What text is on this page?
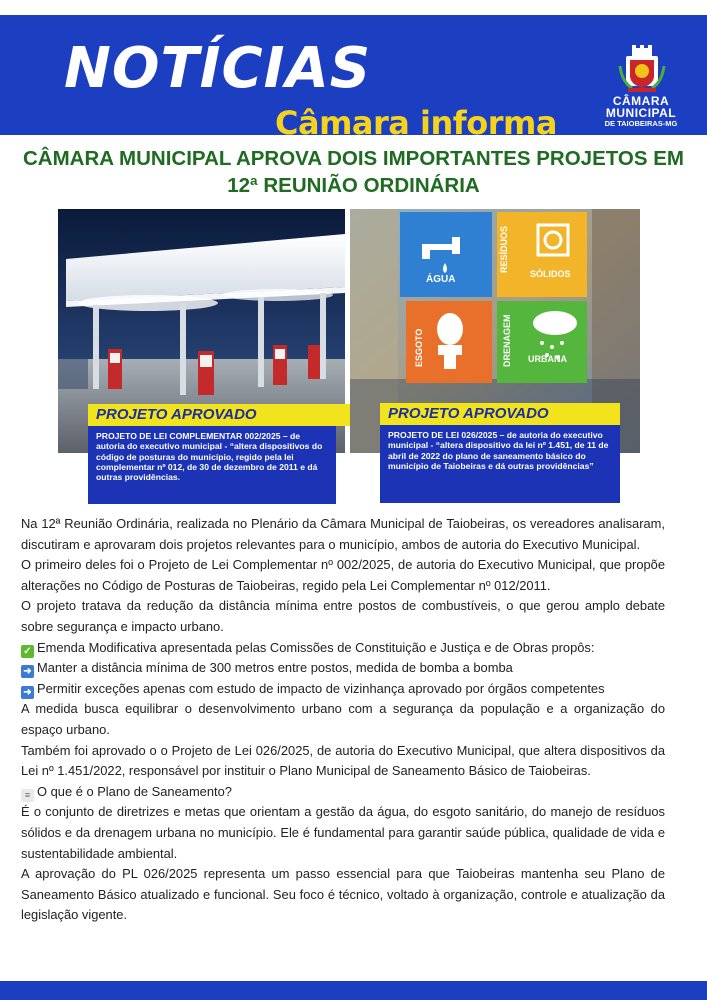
NOTÍCIAS
Câmara informa
CÂMARA
MUNICIPAL
DE TAIOBEIRAS-MG
CÂMARA MUNICIPAL APROVA DOIS IMPORTANTES PROJETOS EM 12ª REUNIÃO ORDINÁRIA
ÁGUA
RESÍDUOS
SÓLIDOS
ESGOTO	DRENAGEM URBANA
PROJETO APROVADO
PROJETO DE LEI COMPLEMENTAR 002/2025 – de autoria do executivo municipal - “altera dispositivos do código de posturas do município, regido pela lei complementar nº 012, de 30 de dezembro de 2011 e dá outras providências.
PROJETO APROVADO
PROJETO DE LEI 026/2025 – de autoria do executivo municipal - “altera dispositivo da lei nº 1.451, de 11 de abril de 2022 do plano de saneamento básico do município de Taiobeiras e dá outras providências”

Na 12ª Reunião Ordinária, realizada no Plenário da Câmara Municipal de Taiobeiras, os vereadores analisaram, discutiram e aprovaram dois projetos relevantes para o município, ambos de autoria do Executivo Municipal.

O primeiro deles foi o Projeto de Lei Complementar nº 002/2025, de autoria do Executivo Municipal, que propõe alterações no Código de Posturas de Taiobeiras, regido pela Lei Complementar nº 012/2011.

O projeto tratava da redução da distância mínima entre postos de combustíveis, o que gerou amplo debate sobre segurança e impacto urbano.

✓ Emenda Modificativa apresentada pelas Comissões de Constituição e Justiça e de Obras propôs:

➜ Manter a distância mínima de 300 metros entre postos, medida de bomba a bomba

➜ Permitir exceções apenas com estudo de impacto de vizinhança aprovado por órgãos competentes

A medida busca equilibrar o desenvolvimento urbano com a segurança da população e a organização do espaço urbano.

Também foi aprovado o o Projeto de Lei 026/2025, de autoria do Executivo Municipal, que altera dispositivos da Lei nº 1.451/2022, responsável por instituir o Plano Municipal de Saneamento Básico de Taiobeiras.

≡ O que é o Plano de Saneamento?

É o conjunto de diretrizes e metas que orientam a gestão da água, do esgoto sanitário, do manejo de resíduos sólidos e da drenagem urbana no município. Ele é fundamental para garantir saúde pública, qualidade de vida e sustentabilidade ambiental.

A aprovação do PL 026/2025 representa um passo essencial para que Taiobeiras mantenha seu Plano de Saneamento Básico atualizado e funcional. Seu foco é técnico, voltado à organização, controle e atualização da legislação vigente.
